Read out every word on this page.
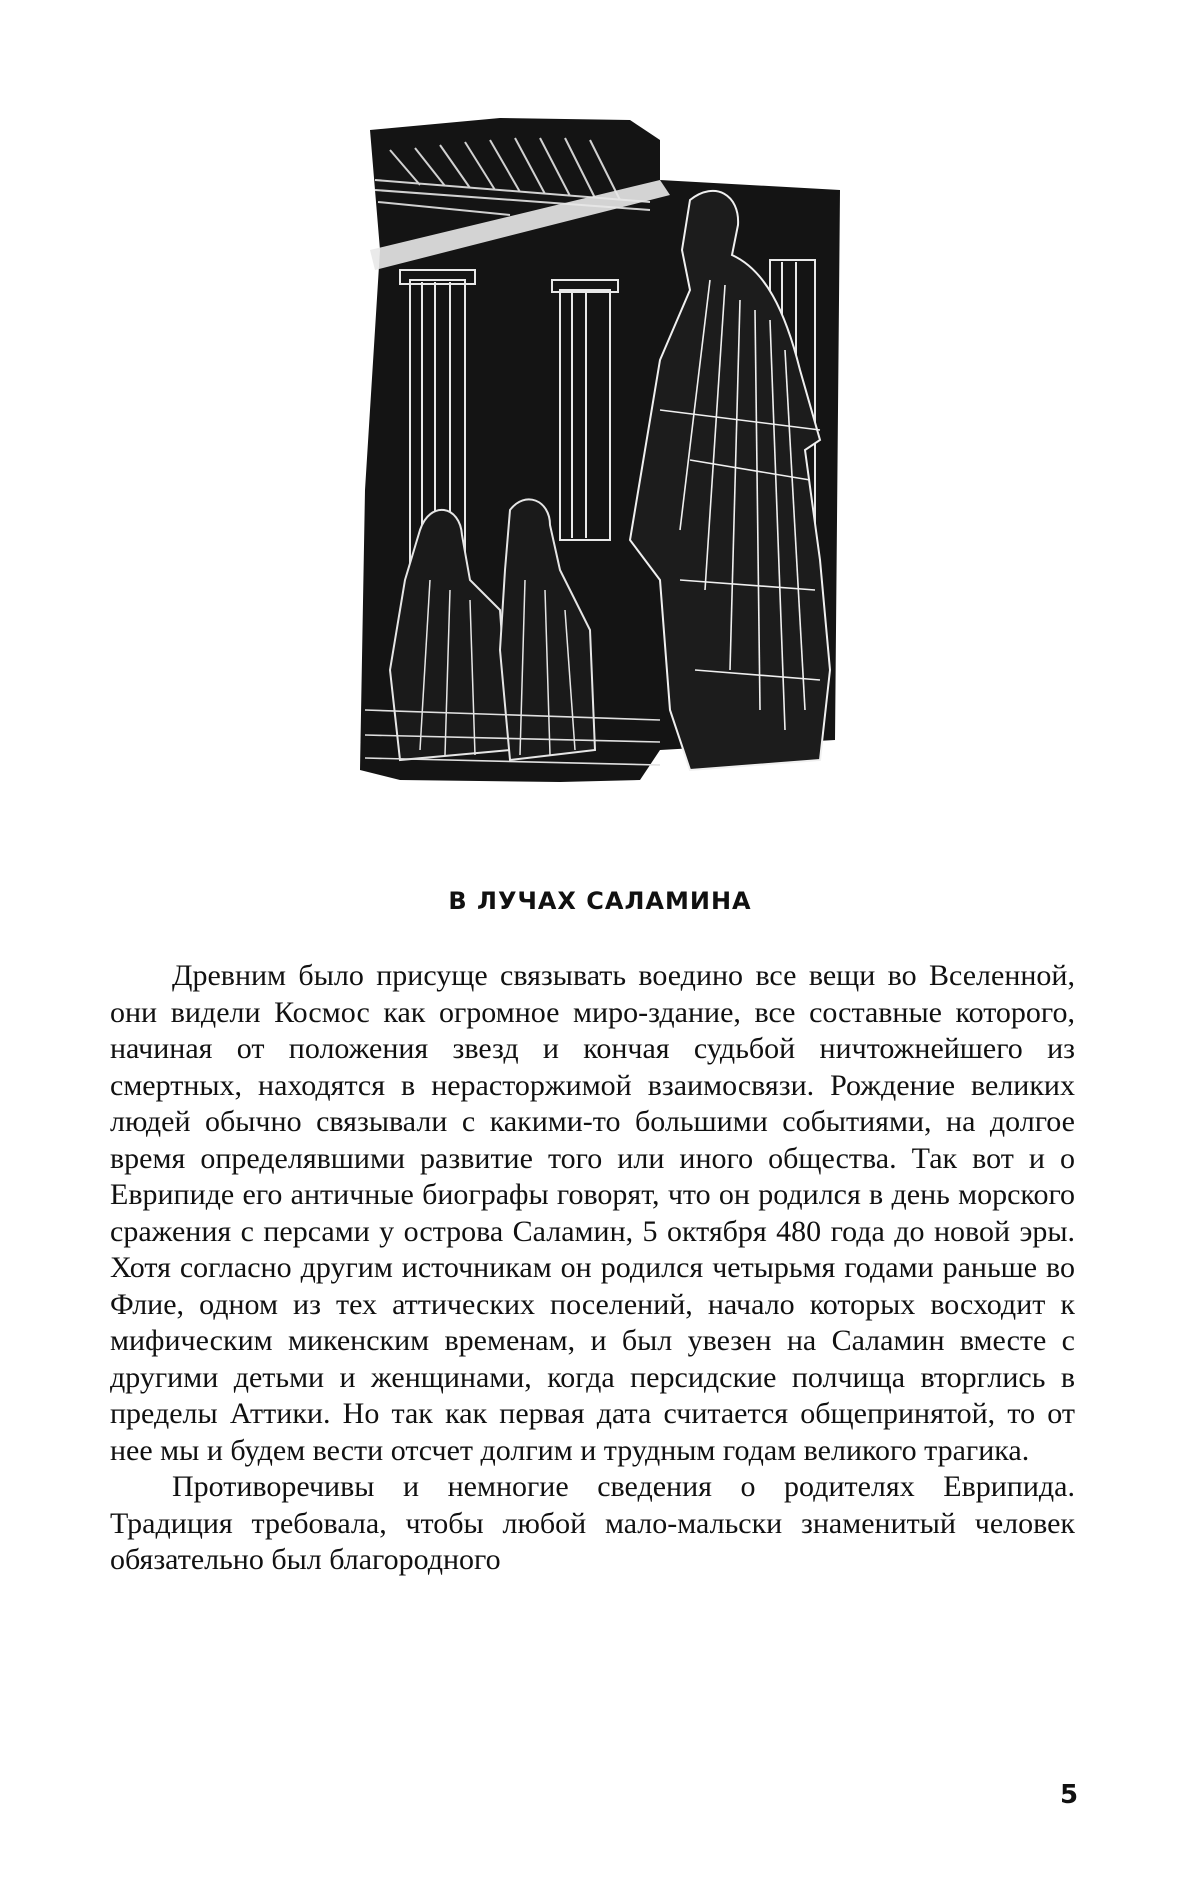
В ЛУЧАХ САЛАМИНА

Древним было присуще связывать воедино все вещи во Вселенной, они видели Космос как огромное миро-здание, все составные которого, начиная от положения звезд и кончая судьбой ничтожнейшего из смертных, находятся в нерасторжимой взаимосвязи. Рождение великих людей обычно связывали с какими-то большими событиями, на долгое время определявшими развитие того или иного общества. Так вот и о Еврипиде его античные биографы говорят, что он родился в день морского сражения с персами у острова Саламин, 5 октября 480 года до новой эры. Хотя согласно другим источникам он родился четырьмя годами раньше во Флие, одном из тех аттических поселений, начало которых восходит к мифическим микенским временам, и был увезен на Саламин вместе с другими детьми и женщинами, когда персидские полчища вторглись в пределы Аттики. Но так как первая дата считается общепринятой, то от нее мы и будем вести отсчет долгим и трудным годам великого трагика.

Противоречивы и немногие сведения о родителях Еврипида. Традиция требовала, чтобы любой мало-мальски знаменитый человек обязательно был благородного

5
